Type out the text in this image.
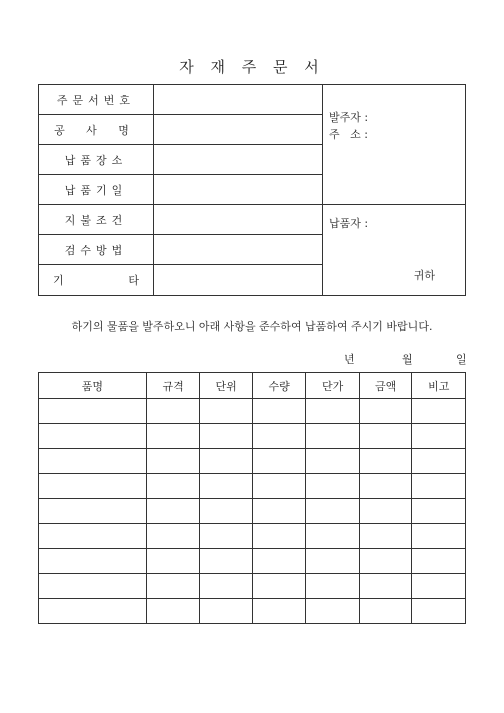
자 재 주 문 서
주문서번호		발주자 :
주   소 :

공 사 명		
납품장소		
납품기일		
지불조건		납품자 :
귀하

검수방법		
기 타		
하기의 물품을 발주하오니 아래 사항을 준수하여 납품하여 주시기 바랍니다.
년	월	일
품명	규격	단위	수량	단가	금액	비고
